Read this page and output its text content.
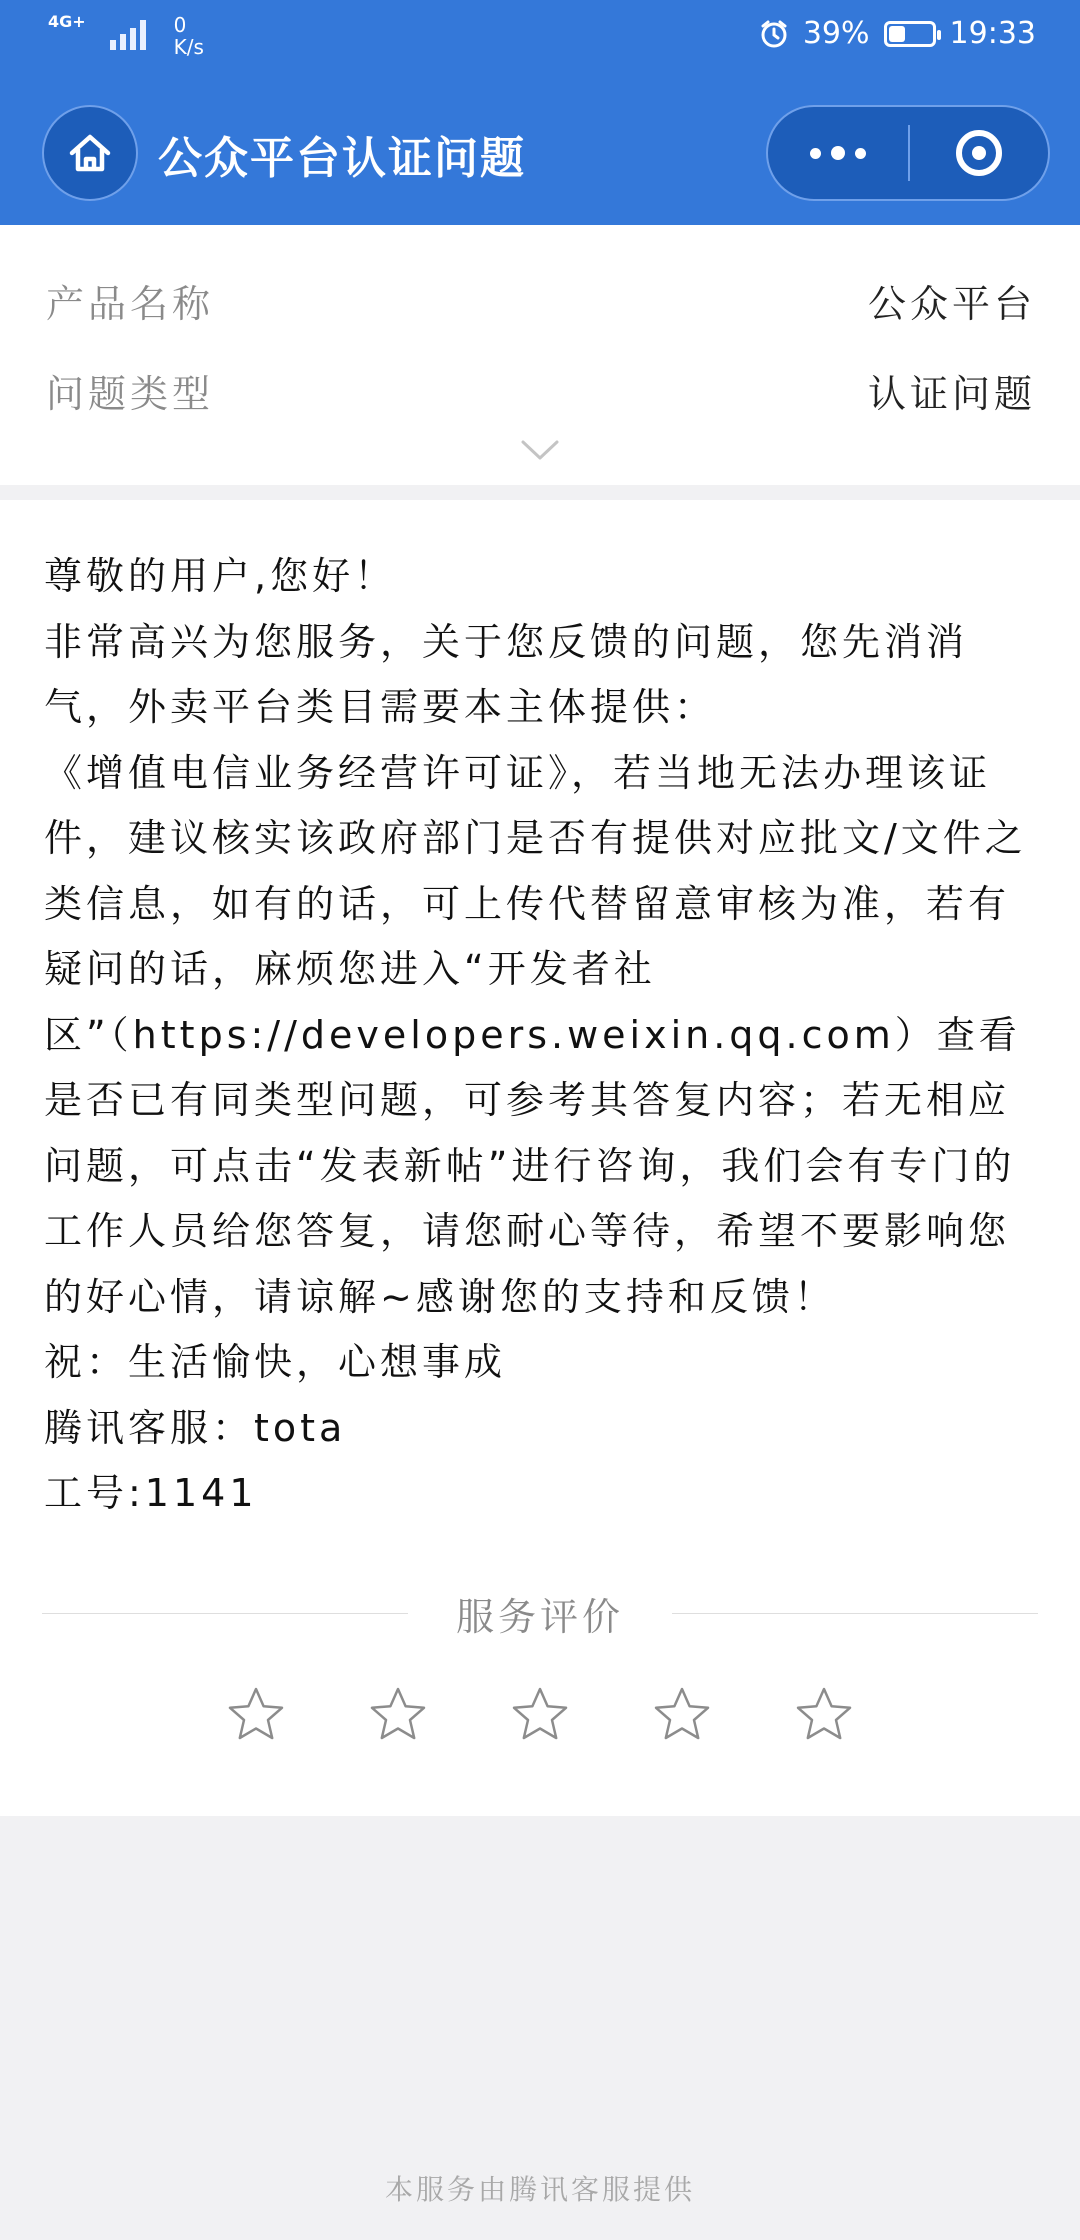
4G+	0
K/s	39%	19:33
公众平台认证问题
产品名称	公众平台
问题类型	认证问题

尊敬的用户,您好！

非常高兴为您服务，关于您反馈的问题，您先消消气，外卖平台类目需要本主体提供：

《增值电信业务经营许可证》，若当地无法办理该证件，建议核实该政府部门是否有提供对应批文/文件之类信息，如有的话，可上传代替留意审核为准，若有疑问的话，麻烦您进入“开发者社区”（https://developers.weixin.qq.com）查看是否已有同类型问题，可参考其答复内容；若无相应问题，可点击“发表新帖”进行咨询，我们会有专门的工作人员给您答复，请您耐心等待，希望不要影响您的好心情，请谅解~感谢您的支持和反馈！

祝：生活愉快，心想事成

腾讯客服：tota

工号:1141

服务评价
本服务由腾讯客服提供
